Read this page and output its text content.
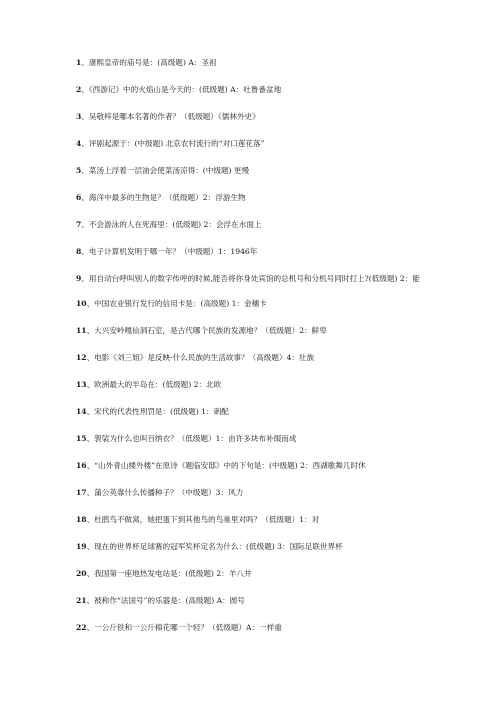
1、康熙皇帝的庙号是：(高级题) A：圣祖
2、《西游记》中的火焰山是今天的：(低级题) A：吐鲁番盆地
3、吴敬梓是哪本名著的作者？（低级题）《儒林外史》
4、评剧起源于：(中级题) 北京农村流行的“对口莲花落”
5、菜汤上浮着一层油会使菜汤凉得：(中级题) 更慢
6、海洋中最多的生物是？（低级题）2：浮游生物
7、不会游泳的人在死海里：(低级题) 2：会浮在水面上
8、电子计算机发明于哪一年？（中级题）1：1946年
9、用自动台呼叫别人的数字传呼的时候,能否将你身处宾馆的总机号和分机号同时打上?(低级题) 2：能
10、中国农业银行发行的信用卡是：(高级题) 1：金穗卡
11、大兴安岭嘎仙洞石室，是古代哪个民族的发源地？（低级题）2：鲜卑
12、电影《刘三姐》是反映-什么民族的生活故事？（高级题）4：壮族
13、欧洲最大的半岛在：(低级题) 2：北欧
14、宋代的代表性刑罚是：(低级题) 1：刺配
15、袈裟为什么也叫百纳衣？（低级题）1：由许多块布补缀而成
16、“山外青山楼外楼”在原诗《题临安邸》中的下句是：(中级题) 2：西湖歌舞几时休
17、蒲公英靠什么传播种子？（中级题）3：风力
18、杜鹃鸟不做窝，她把蛋下到其他鸟的鸟巢里对吗？（低级题）1：对
19、现在的世界杯足球赛的冠军奖杯定名为什么：(低级题) 3：国际足联世界杯
20、我国第一座地热发电站是：(低级题) 2：羊八井
21、被称作“法国号”的乐器是：(高级题) A：圆号
22、一公斤铁和一公斤棉花哪一个轻？（低级题）A：一样重
